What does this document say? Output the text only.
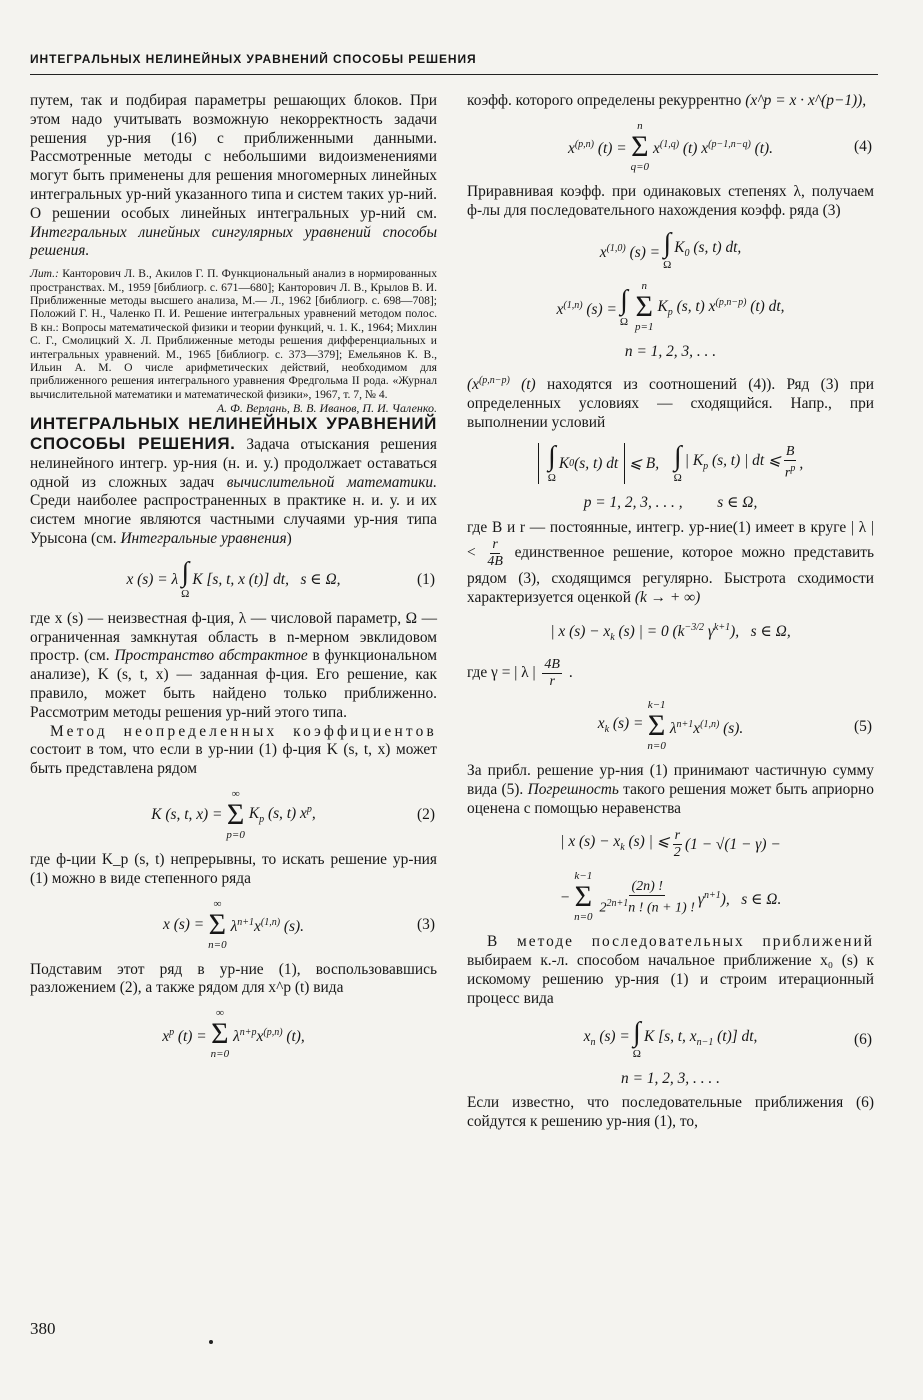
ИНТЕГРАЛЬНЫХ НЕЛИНЕЙНЫХ УРАВНЕНИЙ СПОСОБЫ РЕШЕНИЯ

путем, так и подбирая параметры решающих блоков. При этом надо учитывать возможную некорректность задачи решения ур-ния (16) с приближенными данными. Рассмотренные методы с небольшими видоизменениями могут быть применены для решения многомерных линейных интегральных ур-ний указанного типа и систем таких ур-ний. О решении особых линейных интегральных ур-ний см. Интегральных линейных сингулярных уравнений способы решения.

Лит.: Канторович Л. В., Акилов Г. П. Функциональный анализ в нормированных пространствах. М., 1959 [библиогр. с. 671—680]; Канторович Л. В., Крылов В. И. Приближенные методы высшего анализа, М.— Л., 1962 [библиогр. с. 698—708]; Положий Г. Н., Чаленко П. И. Решение интегральных уравнений методом полос. В кн.: Вопросы математической физики и теории функций, ч. 1. К., 1964; Михлин С. Г., Смолицкий Х. Л. Приближенные методы решения дифференциальных и интегральных уравнений. М., 1965 [библиогр. с. 373—379]; Емельянов К. В., Ильин А. М. О числе арифметических действий, необходимом для приближенного решения интегрального уравнения Фредгольма II рода. «Журнал вычислительной математики и математической физики», 1967, т. 7, № 4.

А. Ф. Верлань, В. В. Иванов, П. И. Чаленко.

ИНТЕГРАЛЬНЫХ НЕЛИНЕЙНЫХ УРАВНЕНИЙ СПОСОБЫ РЕШЕНИЯ. Задача отыскания решения нелинейного интегр. ур-ния (н. и. у.) продолжает оставаться одной из сложных задач вычислительной математики. Среди наиболее распространенных в практике н. и. у. и их систем многие являются частными случаями ур-ния типа Урысона (см. Интегральные уравнения)

x (s) = λ ∫
Ω
K [s, t, x (t)] dt,   s ∈ Ω,	(1)

где x (s) — неизвестная ф-ция, λ — числовой параметр, Ω — ограниченная замкнутая область в n-мерном эвклидовом простр. (см. Пространство абстрактное в функциональном анализе), K (s, t, x) — заданная ф-ция. Его решение, как правило, может быть найдено только приближенно. Рассмотрим методы решения ур-ний этого типа.

Метод неопределенных коэффициентов состоит в том, что если в ур-нии (1) ф-ция K (s, t, x) может быть представлена рядом

K (s, t, x) =
∞
Σ
p=0
$K_p$ (s, t) $x^p$,	(2)

где ф-ции K_p (s, t) непрерывны, то искать решение ур-ния (1) можно в виде степенного ряда

x (s) =
∞
Σ
n=0
$\lambda^{n+1}x^{(1,n)}$ (s).	(3)

Подставим этот ряд в ур-ние (1), воспользовавшись разложением (2), а также рядом для x^p (t) вида

$x^p$ (t) =
∞
Σ
n=0
$\lambda^{n+p}x^{(p,n)}$ (t),

коэфф. которого определены рекуррентно (x^p = x · x^(p−1)),

$x^{(p,n)}$ (t) =
n
Σ
q=0
$x^{(1,q)}$ (t) $x^{(p-1,n-q)}$ (t).	(4)

Приравнивая коэфф. при одинаковых степенях λ, получаем ф-лы для последовательного нахождения коэфф. ряда (3)

$x^{(1,0)}$ (s) = ∫
Ω
$K_0$ (s, t) dt,
$x^{(1,n)}$ (s) = ∫
Ω
n
Σ
p=1
$K_p$ (s, t) $x^{(p,n-p)}$ (t) dt,

n = 1, 2, 3, . . .

($x^{(p,n-p)}$ (t) находятся из соотношений (4)). Ряд (3) при определенных условиях — сходящийся. Напр., при выполнении условий

∫
Ω
K 0 (s, t) dt ⩽ B, ∫
Ω
| $K_p$ (s, t) | dt ⩽ $\frac{B}{r^p}$ ,

p = 1, 2, 3, . . . , s ∈ Ω,

где B и r — постоянные, интегр. ур-ние(1) имеет в круге | λ | < $\frac{r}{4B}$ единственное решение, которое можно представить рядом (3), сходящимся регулярно. Быстрота сходимости характеризуется оценкой (k → + ∞)

| x $(s) - x_k$ (s) | = 0 ($k^{-3/2}$ $\gamma^{k+1}$),   s ∈ Ω,

где γ = | λ | $\frac{4B}{r}$ .

$x_k$ (s) =
k−1
Σ
n=0
$\lambda^{n+1}x^{(1,n)}$ (s).	(5)

За прибл. решение ур-ния (1) принимают частичную сумму вида (5). Погрешность такого решения может быть априорно оценена с помощью неравенства

| x $(s) - x_k$ (s) | ⩽ $\frac{r}{2} (1 - √(1 - \gamma)$ −
−
k−1
Σ
n=0
$\frac{(2n) !}{2^{2n+1}n ! (n + 1) !} \gamma^{n+1}$),   s ∈ Ω.

В методе последовательных приближений выбираем к.-л. способом начальное приближение x₀ (s) к искомому решению ур-ния (1) и строим итерационный процесс вида

$x_n$ (s) = ∫
Ω
K [s, t, $x_{n-1}$ (t)] dt,	(6)

n = 1, 2, 3, . . . .

Если известно, что последовательные приближения (6) сойдутся к решению ур-ния (1), то,

380
